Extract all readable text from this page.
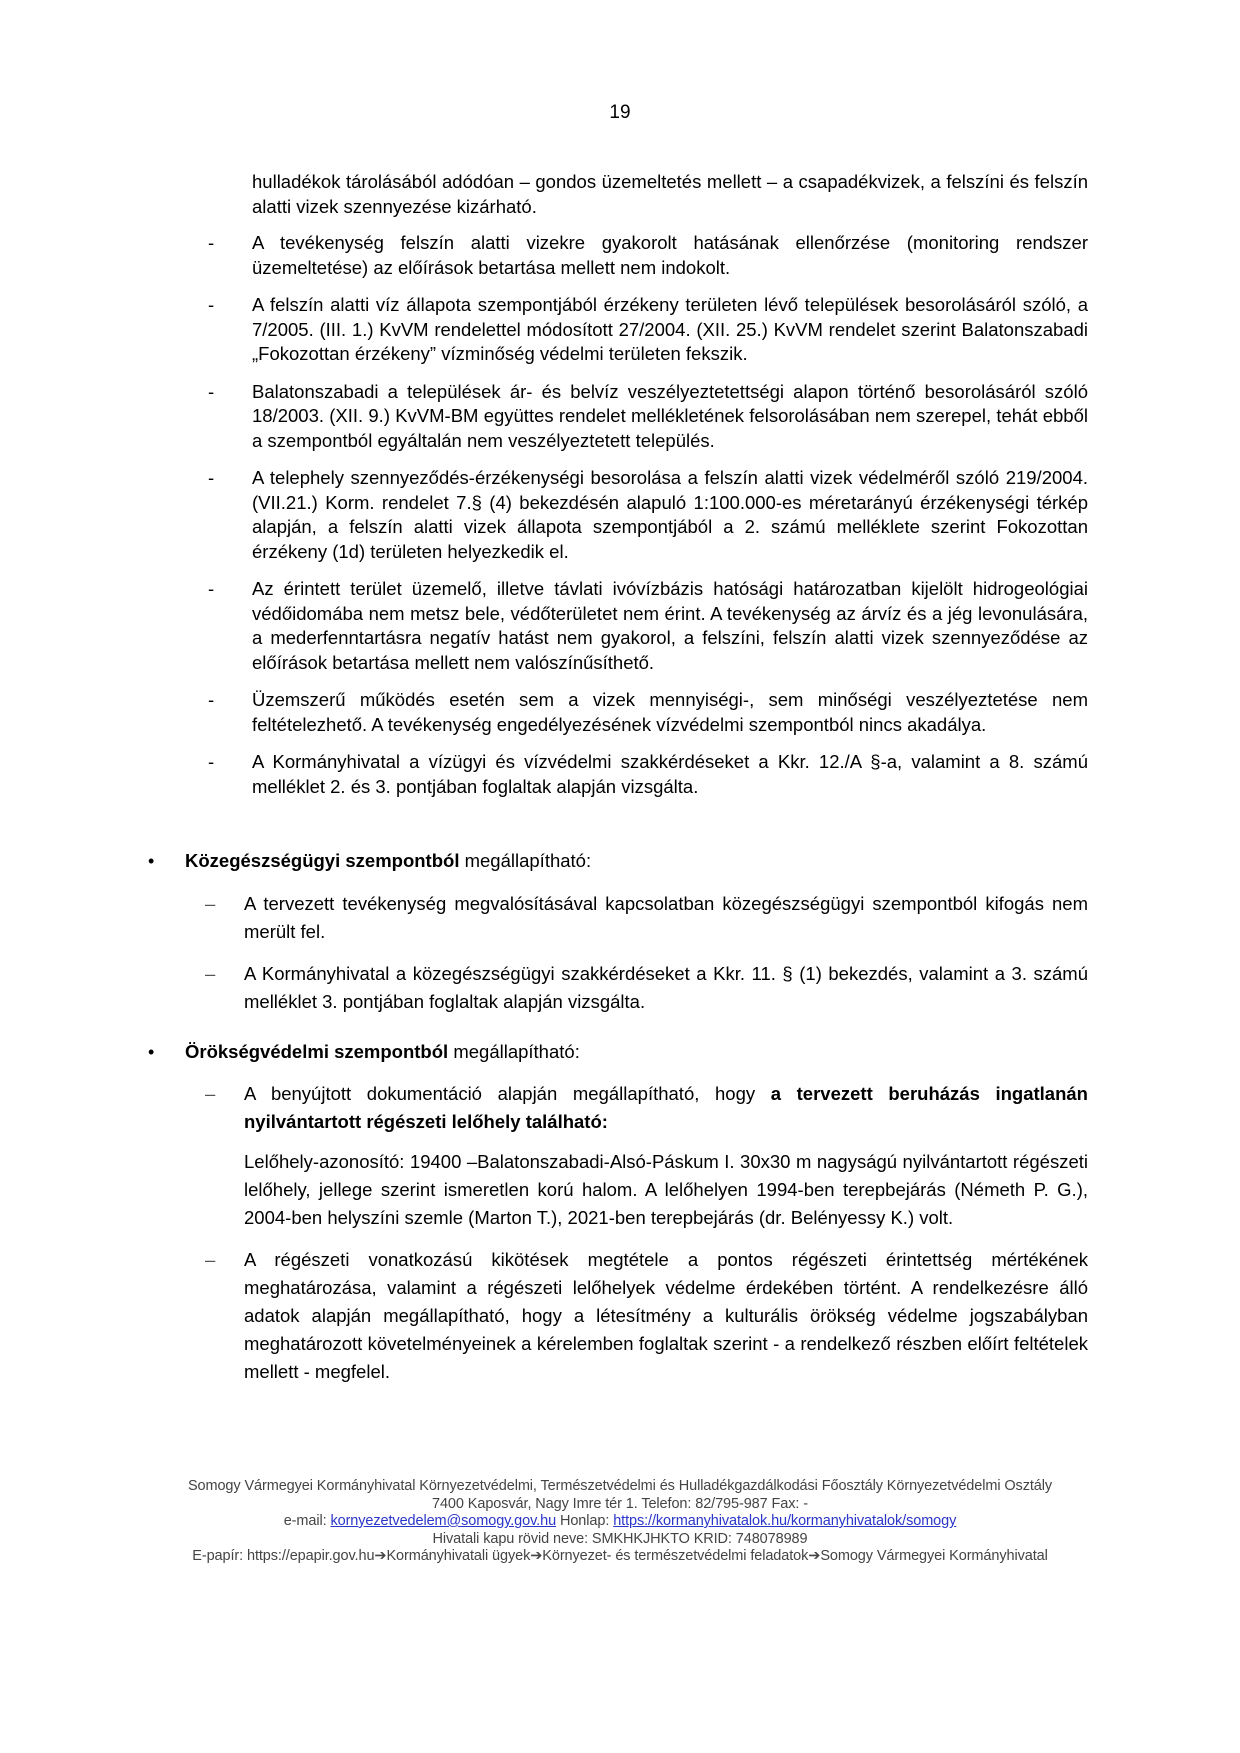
19

hulladékok tárolásából adódóan – gondos üzemeltetés mellett – a csapadékvizek, a felszíni és felszín alatti vizek szennyezése kizárható.

- A tevékenység felszín alatti vizekre gyakorolt hatásának ellenőrzése (monitoring rendszer üzemeltetése) az előírások betartása mellett nem indokolt.
- A felszín alatti víz állapota szempontjából érzékeny területen lévő települések besorolásáról szóló, a 7/2005. (III. 1.) KvVM rendelettel módosított 27/2004. (XII. 25.) KvVM rendelet szerint Balatonszabadi „Fokozottan érzékeny” vízminőség védelmi területen fekszik.
- Balatonszabadi a települések ár- és belvíz veszélyeztetettségi alapon történő besorolásáról szóló 18/2003. (XII. 9.) KvVM-BM együttes rendelet mellékletének felsorolásában nem szerepel, tehát ebből a szempontból egyáltalán nem veszélyeztetett település.
- A telephely szennyeződés-érzékenységi besorolása a felszín alatti vizek védelméről szóló 219/2004. (VII.21.) Korm. rendelet 7.§ (4) bekezdésén alapuló 1:100.000-es méretarányú érzékenységi térkép alapján, a felszín alatti vizek állapota szempontjából a 2. számú melléklete szerint Fokozottan érzékeny (1d) területen helyezkedik el.
- Az érintett terület üzemelő, illetve távlati ivóvízbázis hatósági határozatban kijelölt hidrogeológiai védőidomába nem metsz bele, védőterületet nem érint. A tevékenység az árvíz és a jég levonulására, a mederfenntartásra negatív hatást nem gyakorol, a felszíni, felszín alatti vizek szennyeződése az előírások betartása mellett nem valószínűsíthető.
- Üzemszerű működés esetén sem a vizek mennyiségi-, sem minőségi veszélyeztetése nem feltételezhető. A tevékenység engedélyezésének vízvédelmi szempontból nincs akadálya.
- A Kormányhivatal a vízügyi és vízvédelmi szakkérdéseket a Kkr. 12./A §-a, valamint a 8. számú melléklet 2. és 3. pontjában foglaltak alapján vizsgálta.
•	Közegészségügyi szempontból megállapítható:
– A tervezett tevékenység megvalósításával kapcsolatban közegészségügyi szempontból kifogás nem merült fel.
– A Kormányhivatal a közegészségügyi szakkérdéseket a Kkr. 11. § (1) bekezdés, valamint a 3. számú melléklet 3. pontjában foglaltak alapján vizsgálta.
•	Örökségvédelmi szempontból megállapítható:
– A benyújtott dokumentáció alapján megállapítható, hogy a tervezett beruházás ingatlanán nyilvántartott régészeti lelőhely található:

Lelőhely-azonosító: 19400 –Balatonszabadi-Alsó-Páskum I. 30x30 m nagyságú nyilvántartott régészeti lelőhely, jellege szerint ismeretlen korú halom. A lelőhelyen 1994-ben terepbejárás (Németh P. G.), 2004-ben helyszíni szemle (Marton T.), 2021-ben terepbejárás (dr. Belényessy K.) volt.

– A régészeti vonatkozású kikötések megtétele a pontos régészeti érintettség mértékének meghatározása, valamint a régészeti lelőhelyek védelme érdekében történt. A rendelkezésre álló adatok alapján megállapítható, hogy a létesítmény a kulturális örökség védelme jogszabályban meghatározott követelményeinek a kérelemben foglaltak szerint - a rendelkező részben előírt feltételek mellett - megfelel.
Somogy Vármegyei Kormányhivatal Környezetvédelmi, Természetvédelmi és Hulladékgazdálkodási Főosztály Környezetvédelmi Osztály
7400 Kaposvár, Nagy Imre tér 1. Telefon: 82/795-987 Fax: -
e-mail: kornyezetvedelem@somogy.gov.hu Honlap: https://kormanyhivatalok.hu/kormanyhivatalok/somogy
Hivatali kapu rövid neve: SMKHKJHKTO KRID: 748078989
E-papír: https://epapir.gov.hu➔Kormányhivatali ügyek➔Környezet- és természetvédelmi feladatok➔Somogy Vármegyei Kormányhivatal
